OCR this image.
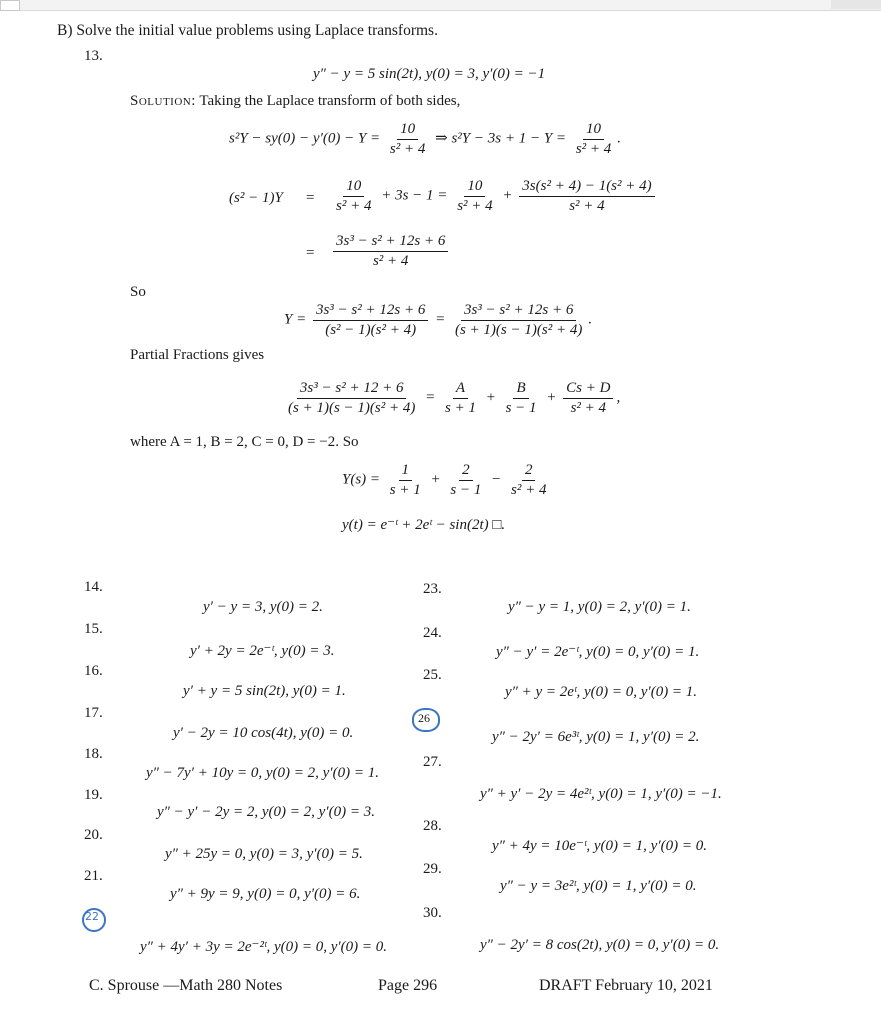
B) Solve the initial value problems using Laplace transforms.
13.
y″ − y = 5 sin(2t), y(0) = 3, y′(0) = −1
Solution: Taking the Laplace transform of both sides,
$s^2Y - sy(0) - y'(0) - Y = \frac{10}{\text{s² + 4}}$ ⇒ $s^2Y - 3s + 1 - Y = \frac{10}{\text{s² + 4}}$ .
$(s^2 - 1)Y = \frac{10}{\text{s² + 4}} + 3s - 1 = \frac{10}{\text{s² + 4}} + \frac{\text{3s(s² + 4) − 1(s² + 4)}}{\text{s² + 4}}$
= $\frac{\text{3s³ − s² + 12s + 6}}{\text{s² + 4}}$
So
$Y = \frac{\text{3s³ − s² + 12s + 6}}{\text{(s² − 1)(s² + 4)}} = \frac{\text{3s³ − s² + 12s + 6}}{\text{(s + 1)(s − 1)(s² + 4)}}$ .
Partial Fractions gives
$\frac{\text{3s³ − s² + 12 + 6}}{\text{(s + 1)(s − 1)(s² + 4)}} = \frac{A}{s + 1} + \frac{B}{s - 1} + \frac{Cs + D}{\text{s² + 4}}$ ,
where A = 1, B = 2, C = 0, D = −2. So
$Y(s) = \frac{1}{s + 1} + \frac{2}{s - 1} - \frac{2}{\text{s² + 4}}$
y(t) = e⁻ᵗ + 2eᵗ − sin(2t) □.
14.
y′ − y = 3, y(0) = 2.
15.
y′ + 2y = 2e⁻ᵗ, y(0) = 3.
16.
y′ + y = 5 sin(2t), y(0) = 1.
17.
y′ − 2y = 10 cos(4t), y(0) = 0.
18.
y″ − 7y′ + 10y = 0, y(0) = 2, y′(0) = 1.
19.
y″ − y′ − 2y = 2, y(0) = 2, y′(0) = 3.
20.
y″ + 25y = 0, y(0) = 3, y′(0) = 5.
21.
y″ + 9y = 9, y(0) = 0, y′(0) = 6.
22
y″ + 4y′ + 3y = 2e⁻²ᵗ, y(0) = 0, y′(0) = 0.
23.
y″ − y = 1, y(0) = 2, y′(0) = 1.
24.
y″ − y′ = 2e⁻ᵗ, y(0) = 0, y′(0) = 1.
25.
y″ + y = 2eᵗ, y(0) = 0, y′(0) = 1.
26
y″ − 2y′ = 6e³ᵗ, y(0) = 1, y′(0) = 2.
27.
y″ + y′ − 2y = 4e²ᵗ, y(0) = 1, y′(0) = −1.
28.
y″ + 4y = 10e⁻ᵗ, y(0) = 1, y′(0) = 0.
29.
y″ − y = 3e²ᵗ, y(0) = 1, y′(0) = 0.
30.
y″ − 2y′ = 8 cos(2t), y(0) = 0, y′(0) = 0.
C. Sprouse —Math 280 Notes	Page 296	DRAFT February 10, 2021
